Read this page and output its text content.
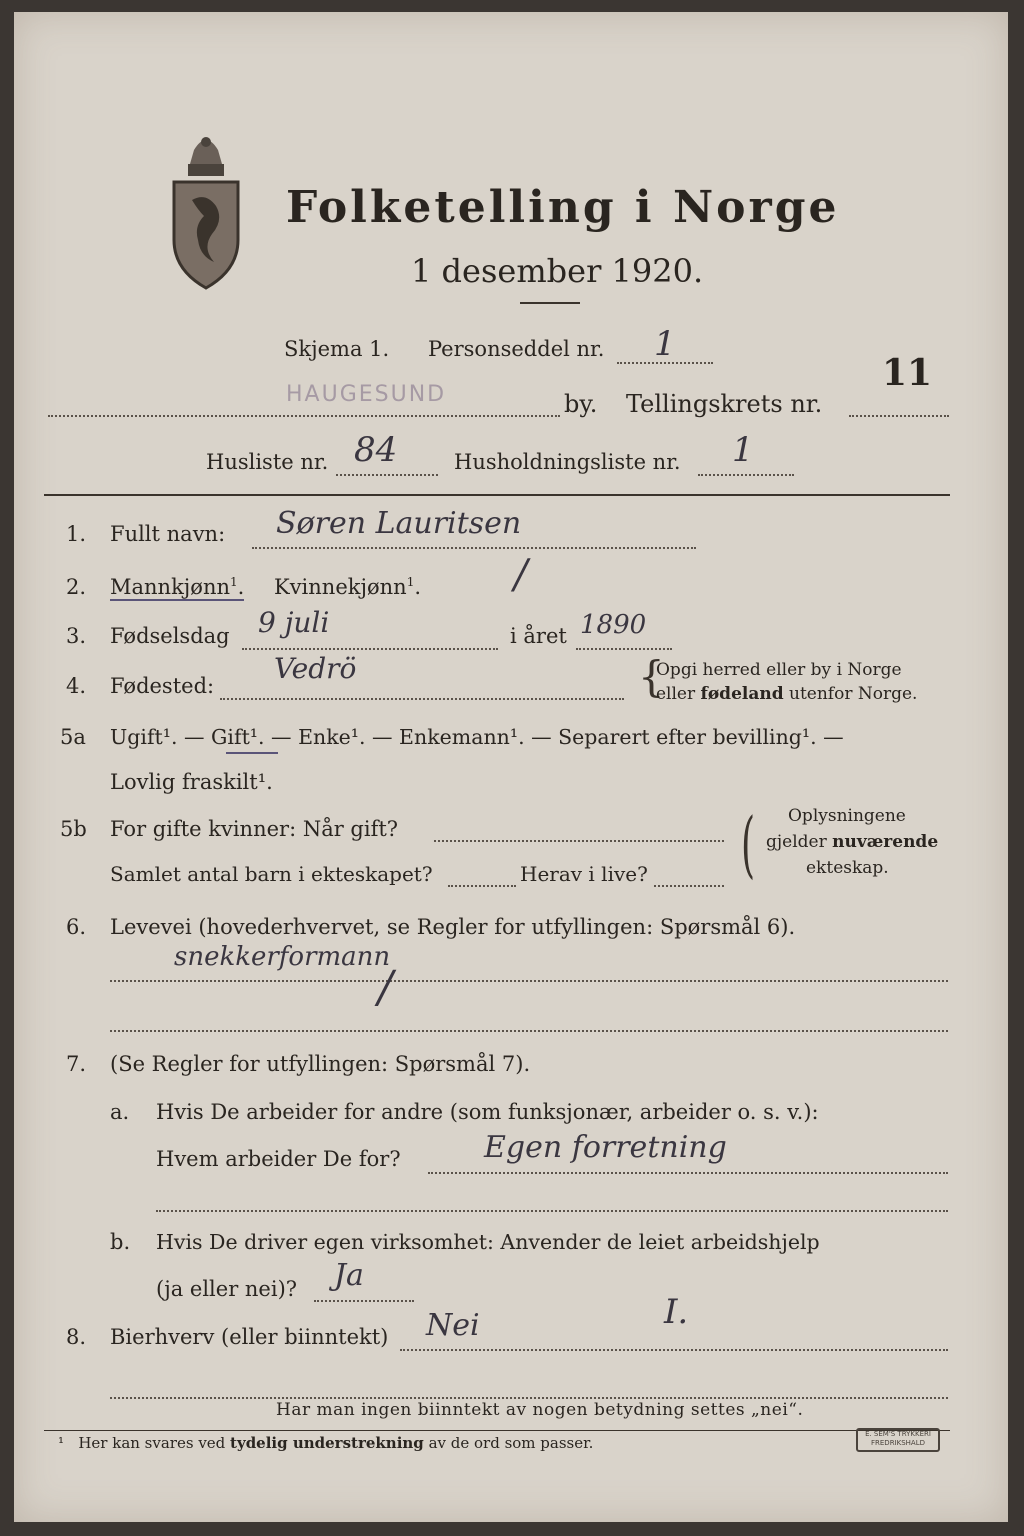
Folketelling i Norge
1 desember 1920.
Skjema 1. Personseddel nr. 1
11
HAUGESUND	by. Tellingskrets nr.
Husliste nr. 84	Husholdningsliste nr. 1
1. Fullt navn: Søren Lauritsen
2. Mannkjønn$^1$. Kvinnekjønn$^1$. /
3. Fødselsdag 9 juli	i året 1890
4. Fødested:
Vedrö	{
Opgi herred eller by i Norge
eller fødeland utenfor Norge.
5a Ugift¹. — Gift¹. — Enke¹. — Enkemann¹. — Separert efter bevilling¹. —
Lovlig fraskilt¹.
5b For gifte kvinner: Når gift?
Samlet antal barn i ekteskapet?	Herav i live? ( Oplysningene
gjelder nuværende
ekteskap.
6. Levevei (hovederhvervet, se Regler for utfyllingen: Spørsmål 6).
snekkerformann
/
7. (Se Regler for utfyllingen: Spørsmål 7).
a. Hvis De arbeider for andre (som funksjonær, arbeider o. s. v.):
Hvem arbeider De for?	Egen forretning
b. Hvis De driver egen virksomhet: Anvender de leiet arbeidshjelp
(ja eller nei)? Ja
8. Bierhverv (eller biinntekt) Nei	I.
Har man ingen biinntekt av nogen betydning settes „nei“.
¹ Her kan svares ved tydelig understrekning av de ord som passer.	E. SEM'S TRYKKERI
FREDRIKSHALD
